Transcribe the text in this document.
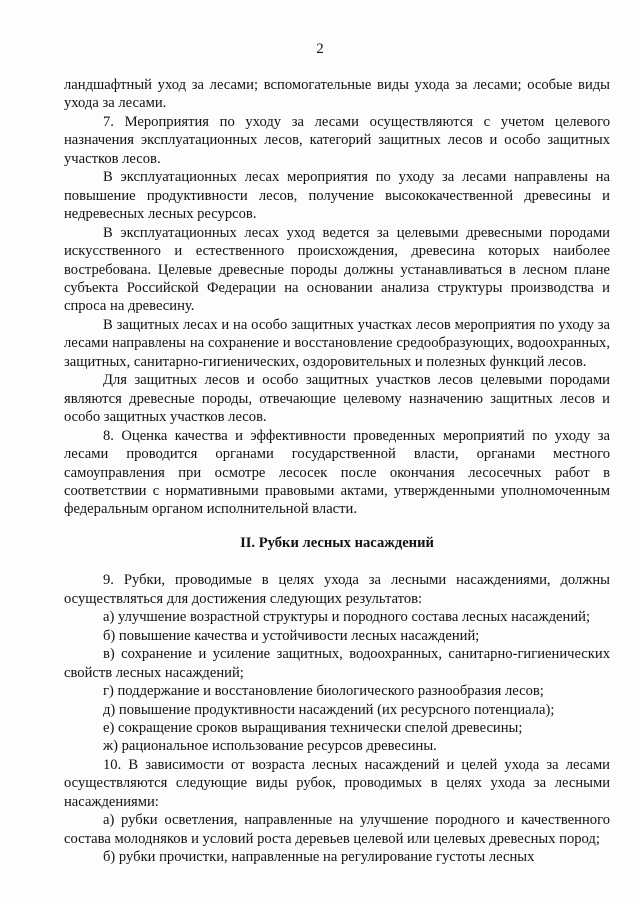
2

ландшафтный уход за лесами; вспомогательные виды ухода за лесами; особые виды ухода за лесами.

7. Мероприятия по уходу за лесами осуществляются с учетом целевого назначения эксплуатационных лесов, категорий защитных лесов и особо защитных участков лесов.

В эксплуатационных лесах мероприятия по уходу за лесами направлены на повышение продуктивности лесов, получение высококачественной древесины и недревесных лесных ресурсов.

В эксплуатационных лесах уход ведется за целевыми древесными породами искусственного и естественного происхождения, древесина которых наиболее востребована. Целевые древесные породы должны устанавливаться в лесном плане субъекта Российской Федерации на основании анализа структуры производства и спроса на древесину.

В защитных лесах и на особо защитных участках лесов мероприятия по уходу за лесами направлены на сохранение и восстановление средообразующих, водоохранных, защитных, санитарно-гигиенических, оздоровительных и полезных функций лесов.

Для защитных лесов и особо защитных участков лесов целевыми породами являются древесные породы, отвечающие целевому назначению защитных лесов и особо защитных участков лесов.

8. Оценка качества и эффективности проведенных мероприятий по уходу за лесами проводится органами государственной власти, органами местного самоуправления при осмотре лесосек после окончания лесосечных работ в соответствии с нормативными правовыми актами, утвержденными уполномоченным федеральным органом исполнительной власти.

II. Рубки лесных насаждений

9. Рубки, проводимые в целях ухода за лесными насаждениями, должны осуществляться для достижения следующих результатов:

а) улучшение возрастной структуры и породного состава лесных насаждений;

б) повышение качества и устойчивости лесных насаждений;

в) сохранение и усиление защитных, водоохранных, санитарно-гигиенических свойств лесных насаждений;

г) поддержание и восстановление биологического разнообразия лесов;

д) повышение продуктивности насаждений (их ресурсного потенциала);

е) сокращение сроков выращивания технически спелой древесины;

ж) рациональное использование ресурсов древесины.

10. В зависимости от возраста лесных насаждений и целей ухода за лесами осуществляются следующие виды рубок, проводимых в целях ухода за лесными насаждениями:

а) рубки осветления, направленные на улучшение породного и качественного состава молодняков и условий роста деревьев целевой или целевых древесных пород;

б) рубки прочистки, направленные на регулирование густоты лесных
